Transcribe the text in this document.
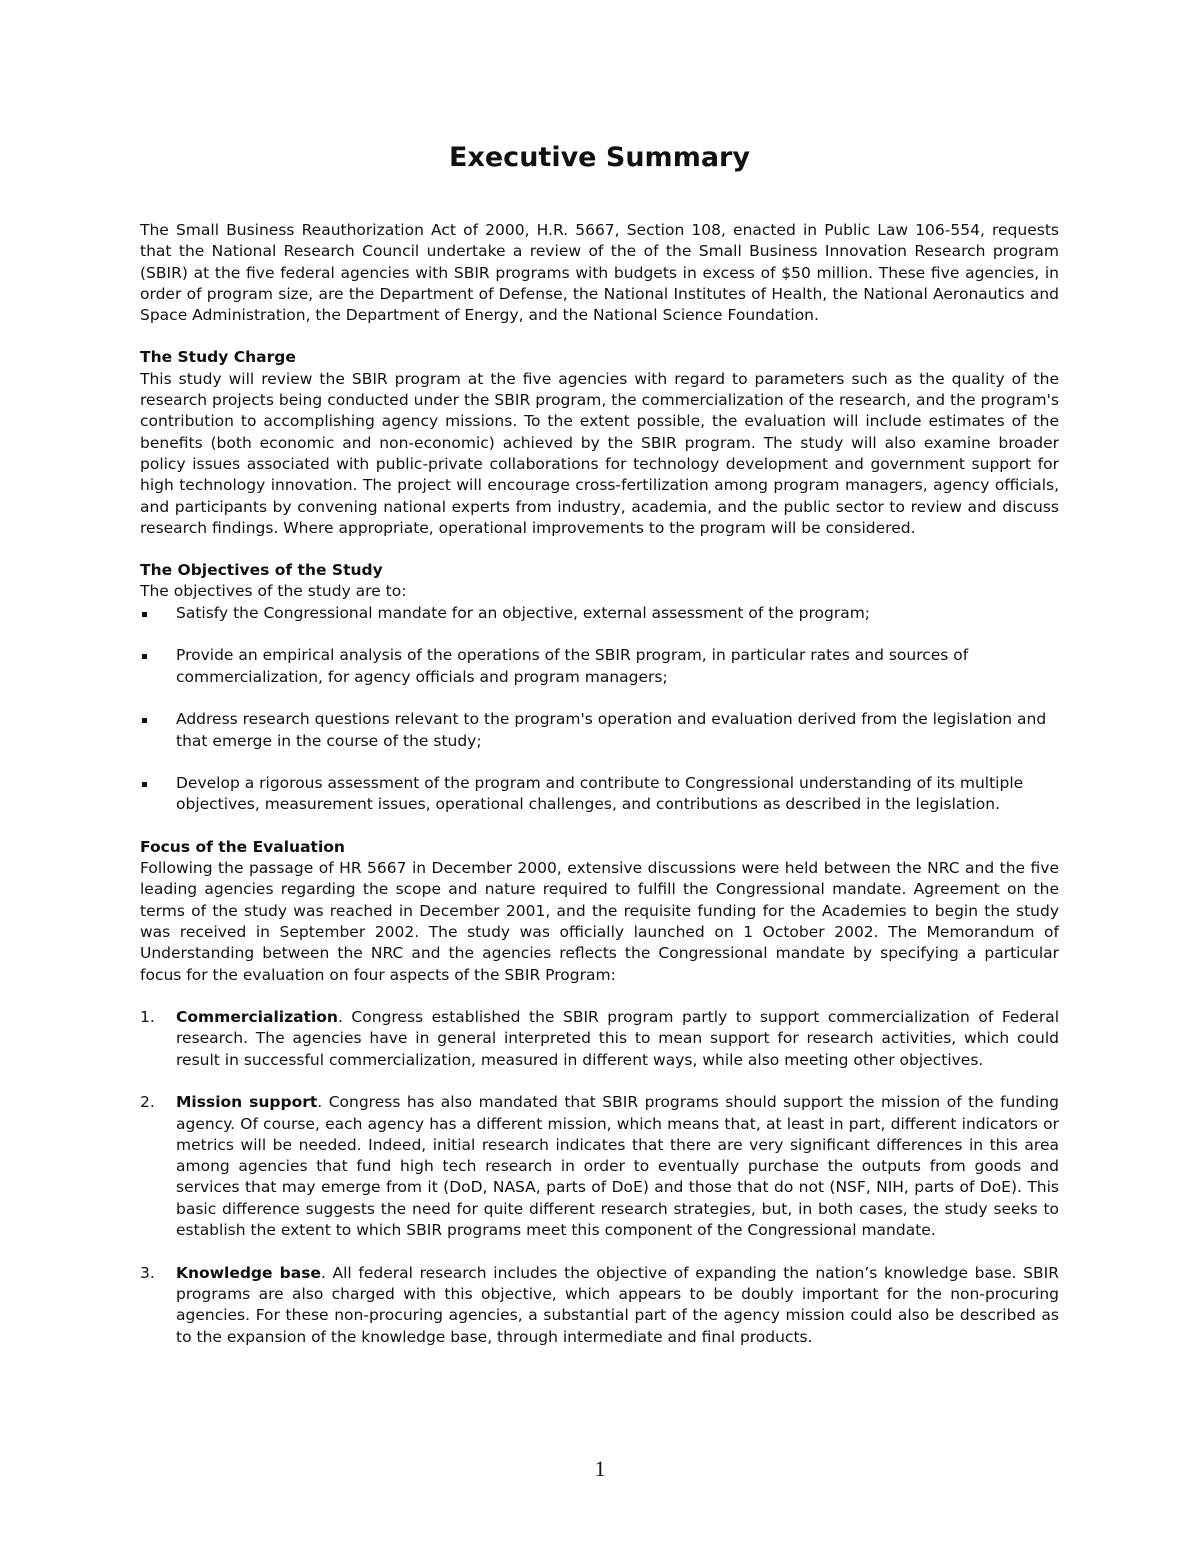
Executive Summary

The Small Business Reauthorization Act of 2000, H.R. 5667, Section 108, enacted in Public Law 106-554, requests that the National Research Council undertake a review of the of the Small Business Innovation Research program (SBIR) at the five federal agencies with SBIR programs with budgets in excess of $50 million. These five agencies, in order of program size, are the Department of Defense, the National Institutes of Health, the National Aeronautics and Space Administration, the Department of Energy, and the National Science Foundation.

The Study Charge

This study will review the SBIR program at the five agencies with regard to parameters such as the quality of the research projects being conducted under the SBIR program, the commercialization of the research, and the program's contribution to accomplishing agency missions. To the extent possible, the evaluation will include estimates of the benefits (both economic and non-economic) achieved by the SBIR program. The study will also examine broader policy issues associated with public-private collaborations for technology development and government support for high technology innovation. The project will encourage cross-fertilization among program managers, agency officials, and participants by convening national experts from industry, academia, and the public sector to review and discuss research findings. Where appropriate, operational improvements to the program will be considered.

The Objectives of the Study

The objectives of the study are to:

Satisfy the Congressional mandate for an objective, external assessment of the program;
Provide an empirical analysis of the operations of the SBIR program, in particular rates and sources of commercialization, for agency officials and program managers;
Address research questions relevant to the program's operation and evaluation derived from the legislation and that emerge in the course of the study;
Develop a rigorous assessment of the program and contribute to Congressional understanding of its multiple objectives, measurement issues, operational challenges, and contributions as described in the legislation.

Focus of the Evaluation

Following the passage of HR 5667 in December 2000, extensive discussions were held between the NRC and the five leading agencies regarding the scope and nature required to fulfill the Congressional mandate. Agreement on the terms of the study was reached in December 2001, and the requisite funding for the Academies to begin the study was received in September 2002. The study was officially launched on 1 October 2002. The Memorandum of Understanding between the NRC and the agencies reflects the Congressional mandate by specifying a particular focus for the evaluation on four aspects of the SBIR Program:

1. Commercialization. Congress established the SBIR program partly to support commercialization of Federal research. The agencies have in general interpreted this to mean support for research activities, which could result in successful commercialization, measured in different ways, while also meeting other objectives.
2. Mission support. Congress has also mandated that SBIR programs should support the mission of the funding agency. Of course, each agency has a different mission, which means that, at least in part, different indicators or metrics will be needed. Indeed, initial research indicates that there are very significant differences in this area among agencies that fund high tech research in order to eventually purchase the outputs from goods and services that may emerge from it (DoD, NASA, parts of DoE) and those that do not (NSF, NIH, parts of DoE). This basic difference suggests the need for quite different research strategies, but, in both cases, the study seeks to establish the extent to which SBIR programs meet this component of the Congressional mandate.
3. Knowledge base. All federal research includes the objective of expanding the nation’s knowledge base. SBIR programs are also charged with this objective, which appears to be doubly important for the non-procuring agencies. For these non-procuring agencies, a substantial part of the agency mission could also be described as to the expansion of the knowledge base, through intermediate and final products.
1
